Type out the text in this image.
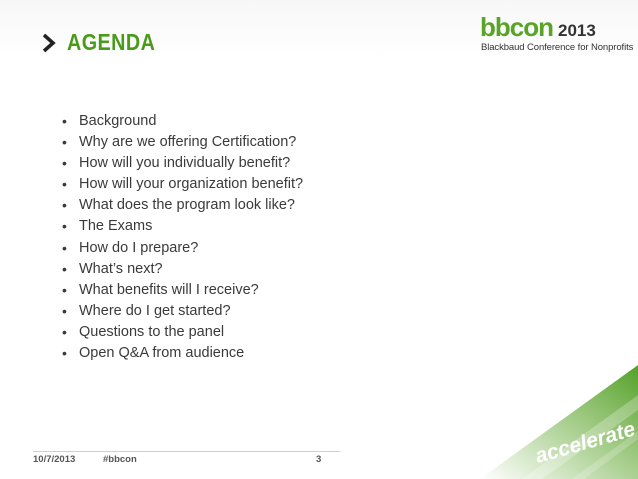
AGENDA	bbcon 2013
Blackbaud Conference for Nonprofits
• Background
• Why are we offering Certification?
• How will you individually benefit?
• How will your organization benefit?
• What does the program look like?
• The Exams
• How do I prepare?
• What’s next?
• What benefits will I receive?
• Where do I get started?
• Questions to the panel
• Open Q&A from audience
10/7/2013	#bbcon	3	accelerate
